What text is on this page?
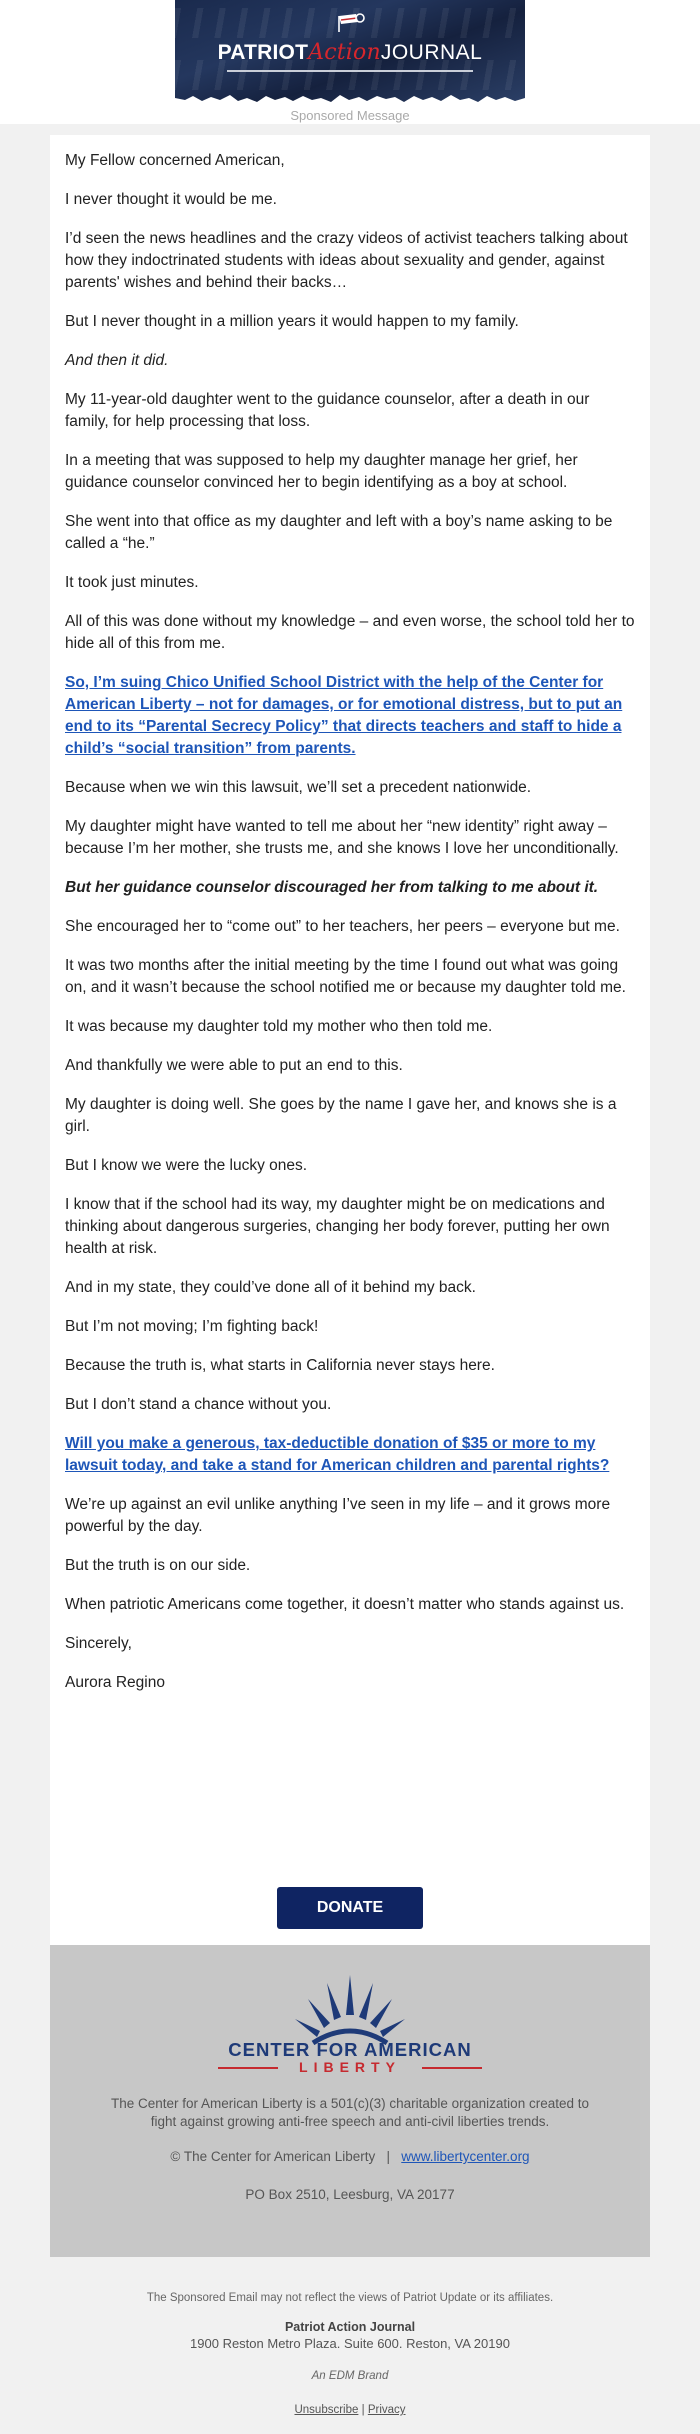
PATRIOTActionJOURNAL
Sponsored Message

My Fellow concerned American,

I never thought it would be me.

I’d seen the news headlines and the crazy videos of activist teachers talking about how they indoctrinated students with ideas about sexuality and gender, against parents' wishes and behind their backs…

But I never thought in a million years it would happen to my family.

And then it did.

My 11-year-old daughter went to the guidance counselor, after a death in our family, for help processing that loss.

In a meeting that was supposed to help my daughter manage her grief, her guidance counselor convinced her to begin identifying as a boy at school.

She went into that office as my daughter and left with a boy’s name asking to be called a “he.”

It took just minutes.

All of this was done without my knowledge – and even worse, the school told her to hide all of this from me.

So, I’m suing Chico Unified School District with the help of the Center for American Liberty – not for damages, or for emotional distress, but to put an end to its “Parental Secrecy Policy” that directs teachers and staff to hide a child’s “social transition” from parents.

Because when we win this lawsuit, we’ll set a precedent nationwide.

My daughter might have wanted to tell me about her “new identity” right away – because I’m her mother, she trusts me, and she knows I love her unconditionally.

But her guidance counselor discouraged her from talking to me about it.

She encouraged her to “come out” to her teachers, her peers – everyone but me.

It was two months after the initial meeting by the time I found out what was going on, and it wasn’t because the school notified me or because my daughter told me.

It was because my daughter told my mother who then told me.

And thankfully we were able to put an end to this.

My daughter is doing well. She goes by the name I gave her, and knows she is a girl.

But I know we were the lucky ones.

I know that if the school had its way, my daughter might be on medications and thinking about dangerous surgeries, changing her body forever, putting her own health at risk.

And in my state, they could’ve done all of it behind my back.

But I’m not moving; I’m fighting back!

Because the truth is, what starts in California never stays here.

But I don’t stand a chance without you.

Will you make a generous, tax-deductible donation of $35 or more to my lawsuit today, and take a stand for American children and parental rights?

We’re up against an evil unlike anything I’ve seen in my life – and it grows more powerful by the day.

But the truth is on our side.

When patriotic Americans come together, it doesn’t matter who stands against us.

Sincerely,

Aurora Regino

DONATE
CENTER FOR AMERICAN
LIBERTY
The Center for American Liberty is a 501(c)(3) charitable organization created to fight against growing anti-free speech and anti-civil liberties trends.
© The Center for American Liberty | www.libertycenter.org
PO Box 2510, Leesburg, VA 20177
The Sponsored Email may not reflect the views of Patriot Update or its affiliates.
Patriot Action Journal
1900 Reston Metro Plaza. Suite 600. Reston, VA 20190
An EDM Brand
Unsubscribe | Privacy
